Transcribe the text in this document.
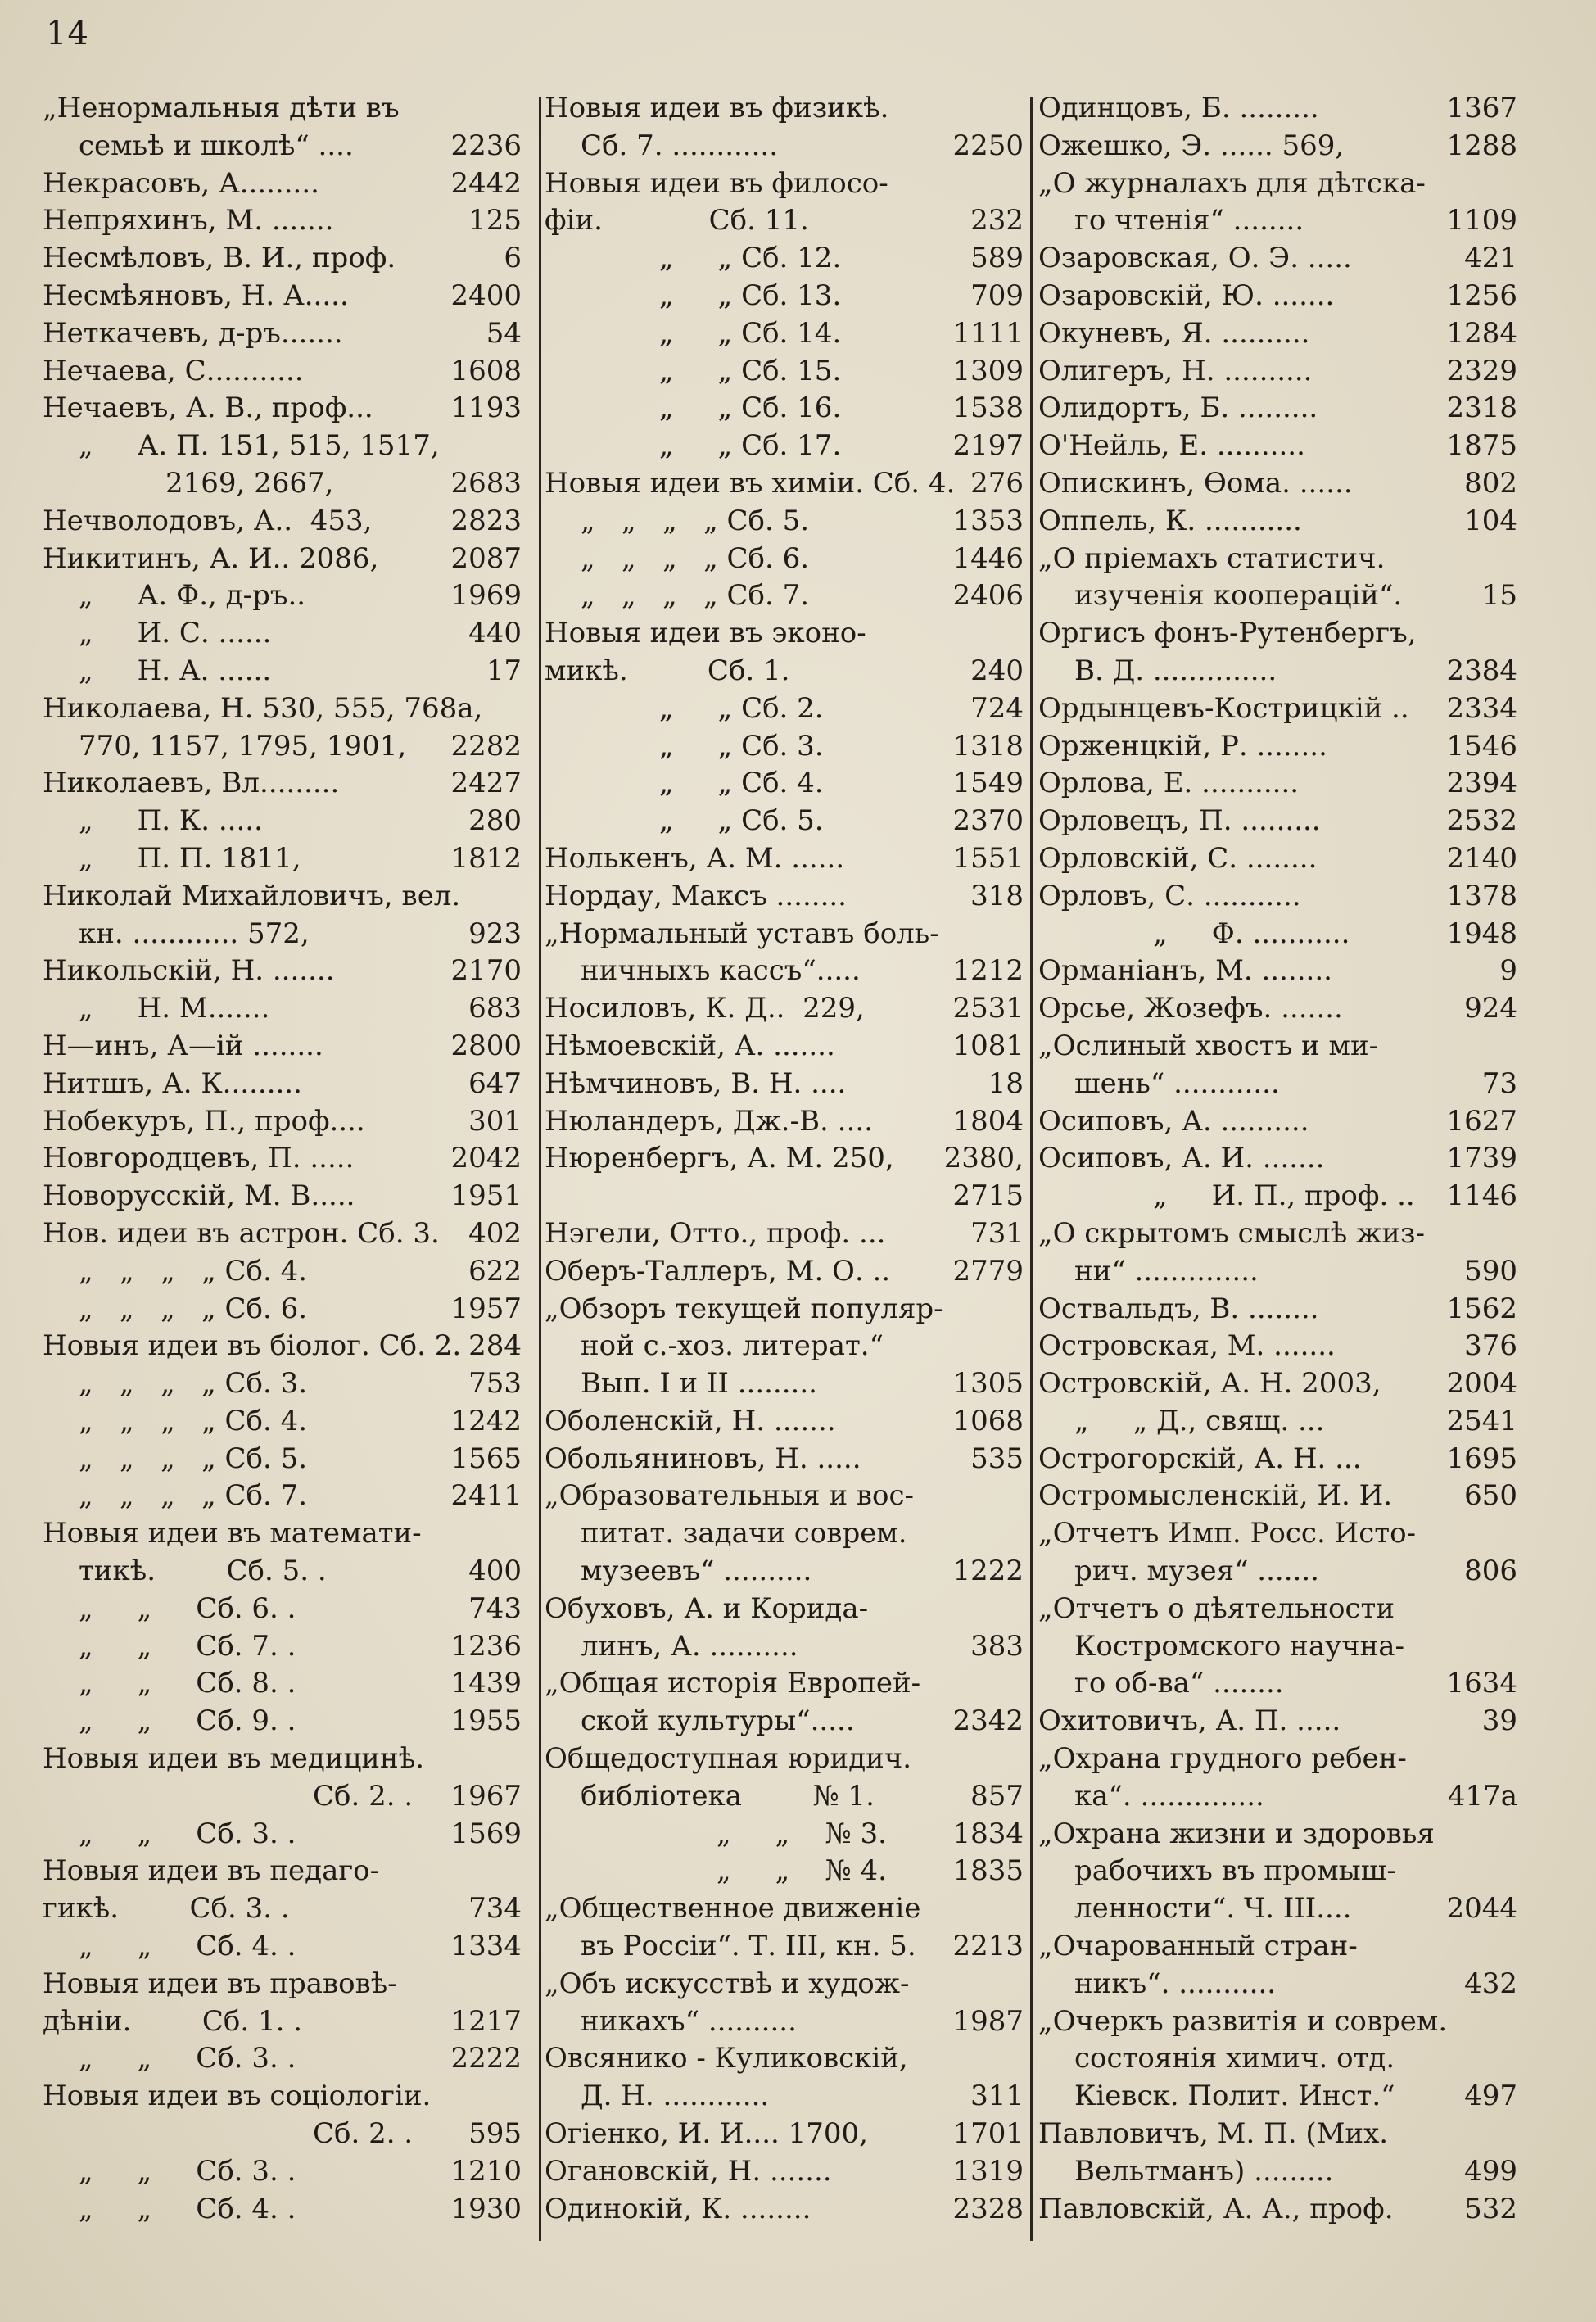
14
„Ненормальныя дѣти въ
семьѣ и школѣ“ ....	2236
Некрасовъ, А.........	2442
Непряхинъ, М. .......	125
Несмѣловъ, В. И., проф.	6
Несмѣяновъ, Н. А.....	2400
Неткачевъ, д-ръ.......	54
Нечаева, С...........	1608
Нечаевъ, А. В., проф...	1193
„     А. П. 151, 515, 1517,
2169, 2667,	2683
Нечволодовъ, А..  453,	2823
Никитинъ, А. И.. 2086,	2087
„     А. Ф., д-ръ..	1969
„     И. С. ......	440
„     Н. А. ......	17
Николаева, Н. 530, 555, 768а,
770, 1157, 1795, 1901, 2282
Николаевъ, Вл.........	2427
„     П. К. .....	280
„     П. П. 1811,	1812
Николай Михайловичъ, вел.
кн. ............ 572,	923
Никольскій, Н. .......	2170
„     Н. М.......	683
Н—инъ, А—ій ........	2800
Нитшъ, А. К.........	647
Нобекуръ, П., проф....	301
Новгородцевъ, П. .....	2042
Новорусскій, М. В.....	1951
Нов. идеи въ астрон. Сб. 3. 402
„   „   „   „ Сб. 4.	622
„   „   „   „ Сб. 6.	1957
Новыя идеи въ біолог. Сб. 2. 284
„   „   „   „ Сб. 3.	753
„   „   „   „ Сб. 4.	1242
„   „   „   „ Сб. 5.	1565
„   „   „   „ Сб. 7.	2411
Новыя идеи въ математи-
тикѣ.        Сб. 5. .	400
„     „     Сб. 6. .	743
„     „     Сб. 7. .	1236
„     „     Сб. 8. .	1439
„     „     Сб. 9. .	1955
Новыя идеи въ медицинѣ.
Сб. 2. . 1967
„     „     Сб. 3. .	1569
Новыя идеи въ педаго-
гикѣ.        Сб. 3. .	734
„     „     Сб. 4. .	1334
Новыя идеи въ правовѣ-
дѣніи.        Сб. 1. .	1217
„     „     Сб. 3. .	2222
Новыя идеи въ соціологіи.
Сб. 2. . 595
„     „     Сб. 3. .	1210
„     „     Сб. 4. .	1930
Новыя идеи въ физикѣ.
Сб. 7. ............	2250
Новыя идеи въ филосо-
фіи.            Сб. 11.	232
„     „ Сб. 12.	589
„     „ Сб. 13.	709
„     „ Сб. 14.	1111
„     „ Сб. 15.	1309
„     „ Сб. 16.	1538
„     „ Сб. 17.	2197
Новыя идеи въ химіи. Сб. 4. 276
„   „   „   „ Сб. 5.	1353
„   „   „   „ Сб. 6.	1446
„   „   „   „ Сб. 7.	2406
Новыя идеи въ эконо-
микѣ.         Сб. 1.	240
„     „ Сб. 2.	724
„     „ Сб. 3.	1318
„     „ Сб. 4.	1549
„     „ Сб. 5.	2370
Нолькенъ, А. М. ......	1551
Нордау, Максъ ........	318
„Нормальный уставъ боль-
ничныхъ кассъ“.....	1212
Носиловъ, К. Д..  229,	2531
Нѣмоевскій, А. .......	1081
Нѣмчиновъ, В. Н. ....	18
Нюландеръ, Дж.-В. ....	1804
Нюренбергъ, А. М. 250, 2380,
2715
Нэгели, Отто., проф. ...	731
Оберъ-Таллеръ, М. О. .. 2779
„Обзоръ текущей популяр-
ной с.-хоз. литерат.“
Вып. I и II .........	1305
Оболенскій, Н. .......	1068
Обольяниновъ, Н. .....	535
„Образовательныя и вос-
питат. задачи соврем.
музеевъ“ ..........	1222
Обуховъ, А. и Корида-
линъ, А. ..........	383
„Общая исторія Европей-
ской культуры“.....	2342
Общедоступная юридич.
библіотека        № 1.	857
„     „    № 3. 1834
„     „    № 4. 1835
„Общественное движеніе
въ Россіи“. Т. III, кн. 5. 2213
„Объ искусствѣ и худож-
никахъ“ ..........	1987
Овсянико - Куликовскій,
Д. Н. ............	311
Огіенко, И. И.... 1700,	1701
Огановскій, Н. .......	1319
Одинокій, К. ........	2328
Одинцовъ, Б. .........	1367
Ожешко, Э. ...... 569,	1288
„О журналахъ для дѣтска-
го чтенія“ ........	1109
Озаровская, О. Э. .....	421
Озаровскій, Ю. .......	1256
Окуневъ, Я. ..........	1284
Олигеръ, Н. ..........	2329
Олидортъ, Б. .........	2318
О'Нейль, Е. ..........	1875
Опискинъ, Ѳома. ......	802
Оппель, К. ...........	104
„О пріемахъ статистич.
изученія кооперацій“.	15
Оргисъ фонъ-Рутенбергъ,
В. Д. ..............	2384
Ордынцевъ-Кострицкій .. 2334
Орженцкій, Р. ........	1546
Орлова, Е. ...........	2394
Орловецъ, П. .........	2532
Орловскій, С. ........	2140
Орловъ, С. ...........	1378
„     Ф. ...........	1948
Орманіанъ, М. ........	9
Орсье, Жозефъ. .......	924
„Ослиный хвостъ и ми-
шень“ ............	73
Осиповъ, А. ..........	1627
Осиповъ, А. И. .......	1739
„     И. П., проф. .. 1146
„О скрытомъ смыслѣ жиз-
ни“ ..............	590
Оствальдъ, В. ........	1562
Островская, М. .......	376
Островскій, А. Н. 2003, 2004
„     „ Д., свящ. ...	2541
Острогорскій, А. Н. ...	1695
Остромысленскій, И. И.	650
„Отчетъ Имп. Росс. Исто-
рич. музея“ .......	806
„Отчетъ о дѣятельности
Костромского научна-
го об-ва“ ........	1634
Охитовичъ, А. П. .....	39
„Охрана грудного ребен-
ка“. ..............	417а
„Охрана жизни и здоровья
рабочихъ въ промыш-
ленности“. Ч. III....	2044
„Очарованный стран-
никъ“. ...........	432
„Очеркъ развитія и соврем.
состоянія химич. отд.
Кіевск. Полит. Инст.“ 497
Павловичъ, М. П. (Мих.
Вельтманъ) .........	499
Павловскій, А. А., проф.	532
